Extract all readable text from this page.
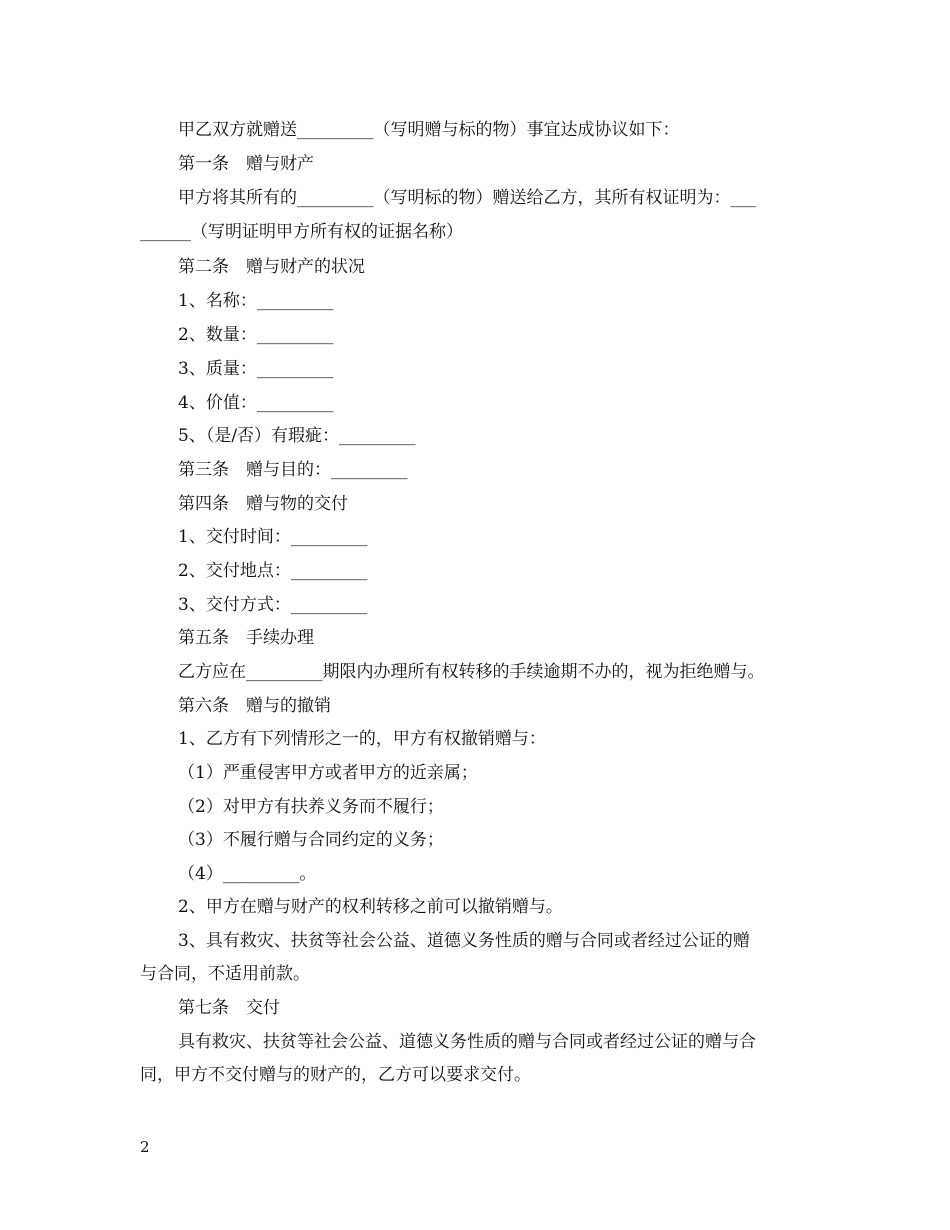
甲乙双方就赠送_________（写明赠与标的物）事宜达成协议如下：

第一条　赠与财产

甲方将其所有的_________（写明标的物）赠送给乙方，其所有权证明为：___

______（写明证明甲方所有权的证据名称）

第二条　赠与财产的状况

1、名称：_________

2、数量：_________

3、质量：_________

4、价值：_________

5、（是/否）有瑕疵：_________

第三条　赠与目的：_________

第四条　赠与物的交付

1、交付时间：_________

2、交付地点：_________

3、交付方式：_________

第五条　手续办理

乙方应在_________期限内办理所有权转移的手续逾期不办的，视为拒绝赠与。

第六条　赠与的撤销

1、乙方有下列情形之一的，甲方有权撤销赠与：

（1）严重侵害甲方或者甲方的近亲属；

（2）对甲方有扶养义务而不履行；

（3）不履行赠与合同约定的义务；

（4）_________。

2、甲方在赠与财产的权利转移之前可以撤销赠与。

3、具有救灾、扶贫等社会公益、道德义务性质的赠与合同或者经过公证的赠

与合同，不适用前款。

第七条　交付

具有救灾、扶贫等社会公益、道德义务性质的赠与合同或者经过公证的赠与合

同，甲方不交付赠与的财产的，乙方可以要求交付。

2
